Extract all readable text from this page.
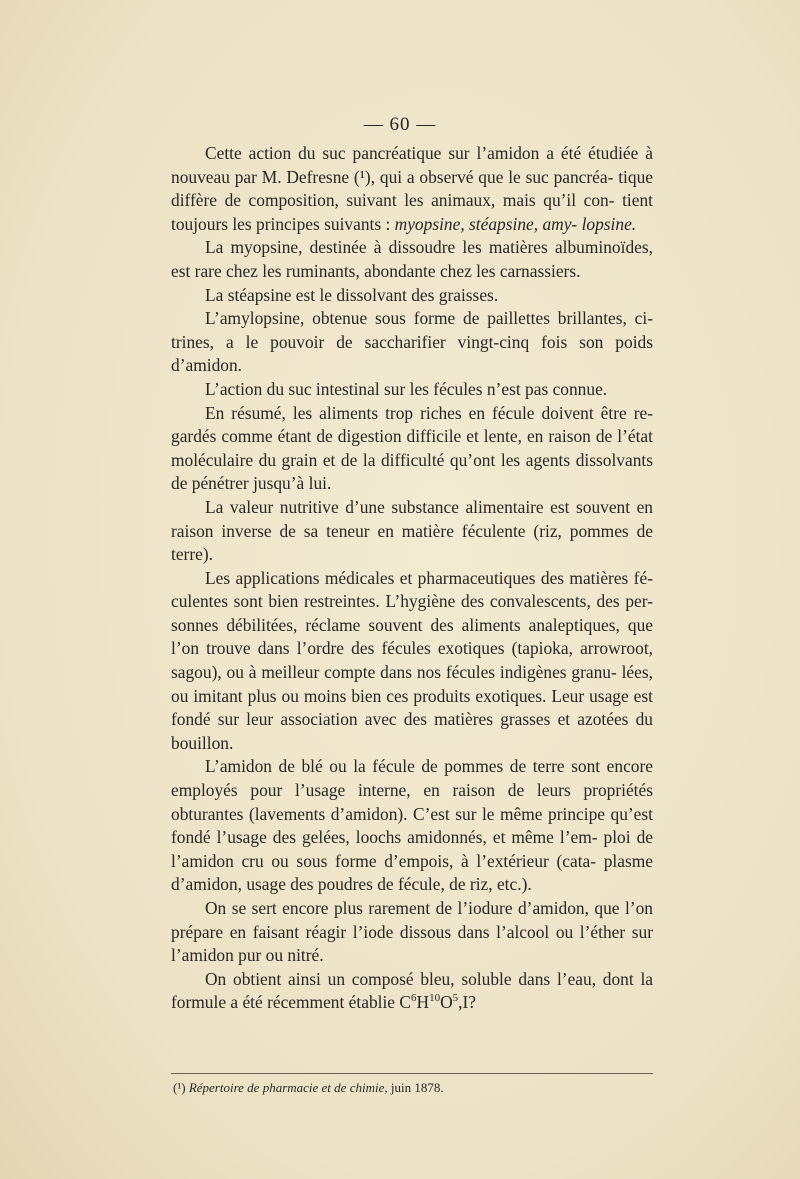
— 60 —

Cette action du suc pancréatique sur l’amidon a été étudiée à nouveau par M. Defresne (¹), qui a observé que le suc pancréa- tique diffère de composition, suivant les animaux, mais qu’il con- tient toujours les principes suivants : myopsine, stéapsine, amy- lopsine.

La myopsine, destinée à dissoudre les matières albuminoïdes, est rare chez les ruminants, abondante chez les carnassiers.

La stéapsine est le dissolvant des graisses.

L’amylopsine, obtenue sous forme de paillettes brillantes, ci- trines, a le pouvoir de saccharifier vingt-cinq fois son poids d’amidon.

L’action du suc intestinal sur les fécules n’est pas connue.

En résumé, les aliments trop riches en fécule doivent être re- gardés comme étant de digestion difficile et lente, en raison de l’état moléculaire du grain et de la difficulté qu’ont les agents dissolvants de pénétrer jusqu’à lui.

La valeur nutritive d’une substance alimentaire est souvent en raison inverse de sa teneur en matière féculente (riz, pommes de terre).

Les applications médicales et pharmaceutiques des matières fé- culentes sont bien restreintes. L’hygiène des convalescents, des per- sonnes débilitées, réclame souvent des aliments analeptiques, que l’on trouve dans l’ordre des fécules exotiques (tapioka, arrowroot, sagou), ou à meilleur compte dans nos fécules indigènes granu- lées, ou imitant plus ou moins bien ces produits exotiques. Leur usage est fondé sur leur association avec des matières grasses et azotées du bouillon.

L’amidon de blé ou la fécule de pommes de terre sont encore employés pour l’usage interne, en raison de leurs propriétés obturantes (lavements d’amidon). C’est sur le même principe qu’est fondé l’usage des gelées, loochs amidonnés, et même l’em- ploi de l’amidon cru ou sous forme d’empois, à l’extérieur (cata- plasme d’amidon, usage des poudres de fécule, de riz, etc.).

On se sert encore plus rarement de l’iodure d’amidon, que l’on prépare en faisant réagir l’iode dissous dans l’alcool ou l’éther sur l’amidon pur ou nitré.

On obtient ainsi un composé bleu, soluble dans l’eau, dont la formule a été récemment établie C$^6$H$^{10}$O$^5$,I?

(¹) Répertoire de pharmacie et de chimie, juin 1878.
